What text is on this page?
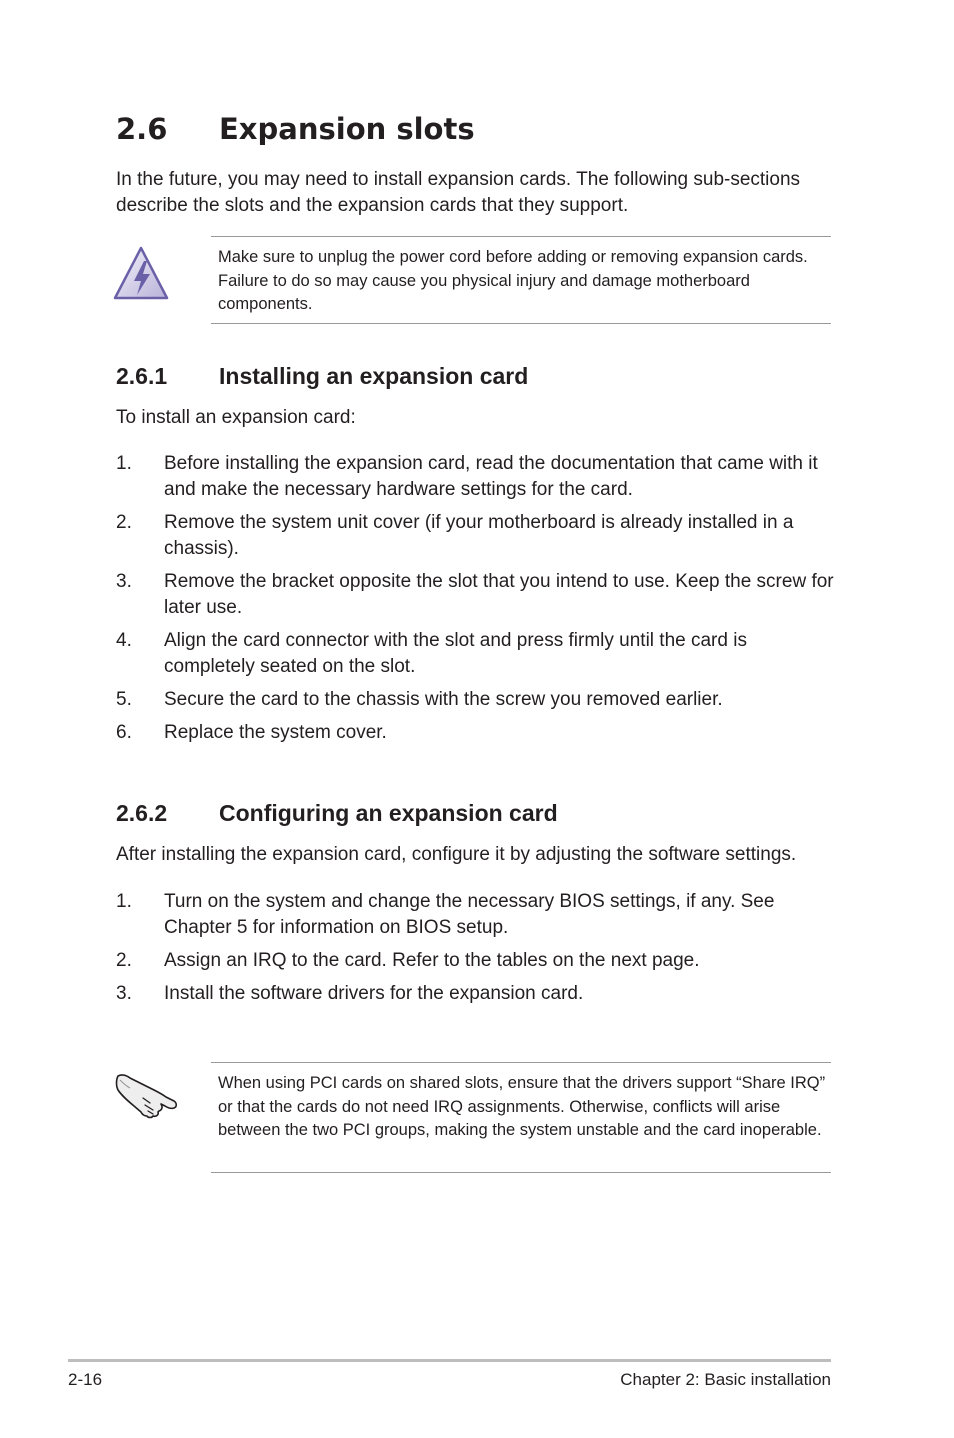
2.6 Expansion slots

In the future, you may need to install expansion cards. The following sub-sections describe the slots and the expansion cards that they support.

Make sure to unplug the power cord before adding or removing expansion cards. Failure to do so may cause you physical injury and damage motherboard components.

2.6.1 Installing an expansion card

To install an expansion card:

1. Before installing the expansion card, read the documentation that came with it and make the necessary hardware settings for the card.
2. Remove the system unit cover (if your motherboard is already installed in a chassis).
3. Remove the bracket opposite the slot that you intend to use. Keep the screw for later use.
4. Align the card connector with the slot and press firmly until the card is completely seated on the slot.
5. Secure the card to the chassis with the screw you removed earlier.
6. Replace the system cover.
2.6.2 Configuring an expansion card

After installing the expansion card, configure it by adjusting the software settings.

1. Turn on the system and change the necessary BIOS settings, if any. See Chapter 5 for information on BIOS setup.
2. Assign an IRQ to the card. Refer to the tables on the next page.
3. Install the software drivers for the expansion card.

When using PCI cards on shared slots, ensure that the drivers support “Share IRQ” or that the cards do not need IRQ assignments. Otherwise, conflicts will arise between the two PCI groups, making the system unstable and the card inoperable.

2-16	Chapter 2: Basic installation
